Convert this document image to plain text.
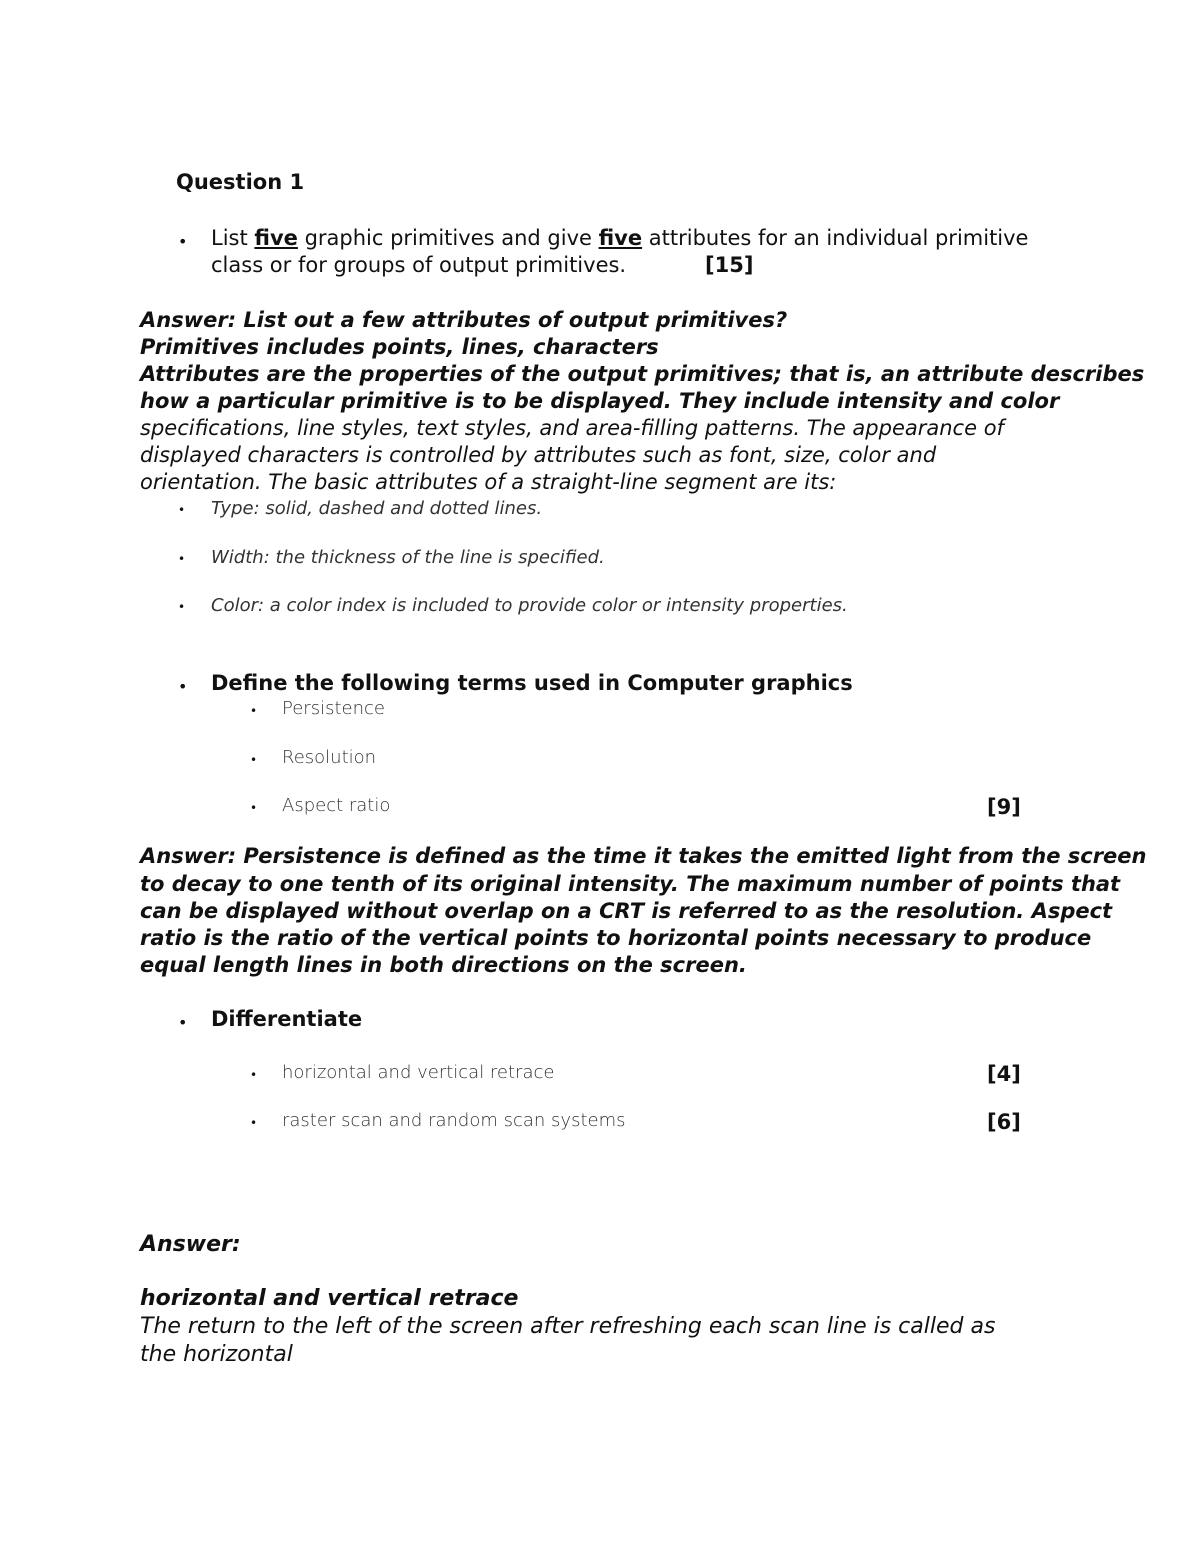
Question 1
• List five graphic primitives and give five attributes for an individual primitive
class or for groups of output primitives.	[15]
Answer: List out a few attributes of output primitives?
Primitives includes points, lines, characters
Attributes are the properties of the output primitives; that is, an attribute describes
how a particular primitive is to be displayed. They include intensity and color
specifications, line styles, text styles, and area-filling patterns. The appearance of
displayed characters is controlled by attributes such as font, size, color and
orientation. The basic attributes of a straight-line segment are its:
• Type: solid, dashed and dotted lines.
• Width: the thickness of the line is specified.
• Color: a color index is included to provide color or intensity properties.
• Define the following terms used in Computer graphics
• Persistence
• Resolution
• Aspect ratio	[9]
Answer: Persistence is defined as the time it takes the emitted light from the screen
to decay to one tenth of its original intensity. The maximum number of points that
can be displayed without overlap on a CRT is referred to as the resolution. Aspect
ratio is the ratio of the vertical points to horizontal points necessary to produce
equal length lines in both directions on the screen.
• Differentiate
• horizontal and vertical retrace	[4]
• raster scan and random scan systems	[6]
Answer:
horizontal and vertical retrace
The return to the left of the screen after refreshing each scan line is called as
the horizontal
